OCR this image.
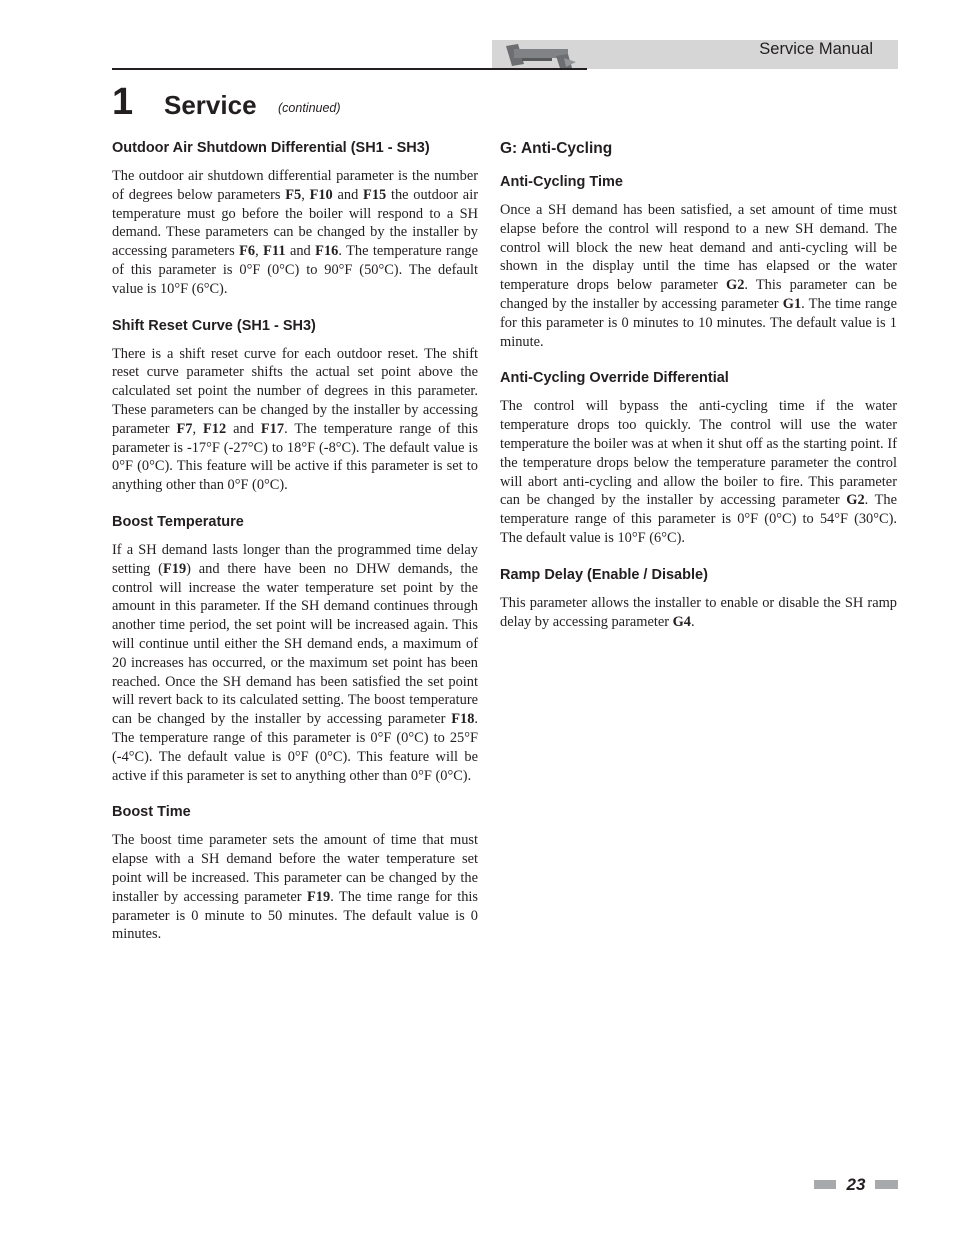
Service Manual
1 Service (continued)
Outdoor Air Shutdown Differential (SH1 - SH3)

The outdoor air shutdown differential parameter is the number of degrees below parameters F5, F10 and F15 the outdoor air temperature must go before the boiler will respond to a SH demand. These parameters can be changed by the installer by accessing parameters F6, F11 and F16. The temperature range of this parameter is 0°F (0°C) to 90°F (50°C). The default value is 10°F (6°C).

Shift Reset Curve (SH1 - SH3)

There is a shift reset curve for each outdoor reset. The shift reset curve parameter shifts the actual set point above the calculated set point the number of degrees in this parameter. These parameters can be changed by the installer by accessing parameter F7, F12 and F17. The temperature range of this parameter is -17°F (-27°C) to 18°F (-8°C). The default value is 0°F (0°C). This feature will be active if this parameter is set to anything other than 0°F (0°C).

Boost Temperature

If a SH demand lasts longer than the programmed time delay setting (F19) and there have been no DHW demands, the control will increase the water temperature set point by the amount in this parameter. If the SH demand continues through another time period, the set point will be increased again. This will continue until either the SH demand ends, a maximum of 20 increases has occurred, or the maximum set point has been reached. Once the SH demand has been satisfied the set point will revert back to its calculated setting. The boost temperature can be changed by the installer by accessing parameter F18. The temperature range of this parameter is 0°F (0°C) to 25°F (-4°C). The default value is 0°F (0°C). This feature will be active if this parameter is set to anything other than 0°F (0°C).

Boost Time

The boost time parameter sets the amount of time that must elapse with a SH demand before the water temperature set point will be increased. This parameter can be changed by the installer by accessing parameter F19. The time range for this parameter is 0 minute to 50 minutes. The default value is 0 minutes.

G: Anti-Cycling
Anti-Cycling Time

Once a SH demand has been satisfied, a set amount of time must elapse before the control will respond to a new SH demand. The control will block the new heat demand and anti-cycling will be shown in the display until the time has elapsed or the water temperature drops below parameter G2. This parameter can be changed by the installer by accessing parameter G1. The time range for this parameter is 0 minutes to 10 minutes. The default value is 1 minute.

Anti-Cycling Override Differential

The control will bypass the anti-cycling time if the water temperature drops too quickly. The control will use the water temperature the boiler was at when it shut off as the starting point. If the temperature drops below the temperature parameter the control will abort anti-cycling and allow the boiler to fire. This parameter can be changed by the installer by accessing parameter G2. The temperature range of this parameter is 0°F (0°C) to 54°F (30°C). The default value is 10°F (6°C).

Ramp Delay (Enable / Disable)

This parameter allows the installer to enable or disable the SH ramp delay by accessing parameter G4.

23
